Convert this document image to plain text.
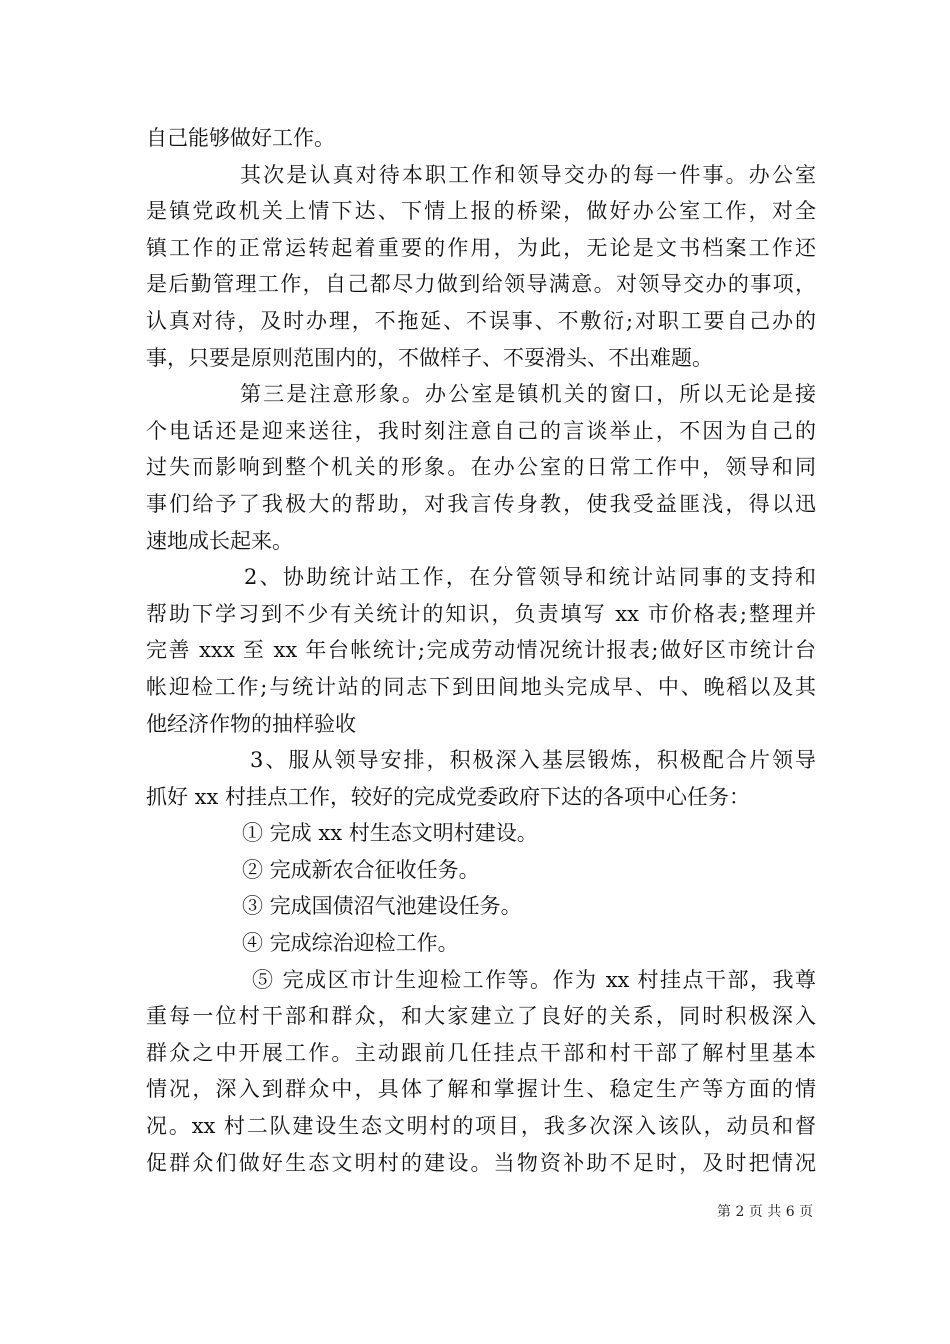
自己能够做好工作。
其次是认真对待本职工作和领导交办的每一件事。办公室
是镇党政机关上情下达、下情上报的桥梁，做好办公室工作，对全
镇工作的正常运转起着重要的作用，为此，无论是文书档案工作还
是后勤管理工作，自己都尽力做到给领导满意。对领导交办的事项，
认真对待，及时办理，不拖延、不误事、不敷衍;对职工要自己办的
事，只要是原则范围内的，不做样子、不耍滑头、不出难题。
第三是注意形象。办公室是镇机关的窗口，所以无论是接
个电话还是迎来送往，我时刻注意自己的言谈举止，不因为自己的
过失而影响到整个机关的形象。在办公室的日常工作中，领导和同
事们给予了我极大的帮助，对我言传身教，使我受益匪浅，得以迅
速地成长起来。
2、协助统计站工作，在分管领导和统计站同事的支持和
帮助下学习到不少有关统计的知识，负责填写 xx 市价格表;整理并
完善 xxx 至 xx 年台帐统计;完成劳动情况统计报表;做好区市统计台
帐迎检工作;与统计站的同志下到田间地头完成早、中、晚稻以及其
他经济作物的抽样验收
3、服从领导安排，积极深入基层锻炼，积极配合片领导
抓好 xx 村挂点工作，较好的完成党委政府下达的各项中心任务：
① 完成 xx 村生态文明村建设。
② 完成新农合征收任务。
③ 完成国债沼气池建设任务。
④ 完成综治迎检工作。
⑤ 完成区市计生迎检工作等。作为 xx 村挂点干部，我尊
重每一位村干部和群众，和大家建立了良好的关系，同时积极深入
群众之中开展工作。主动跟前几任挂点干部和村干部了解村里基本
情况，深入到群众中，具体了解和掌握计生、稳定生产等方面的情
况。xx 村二队建设生态文明村的项目，我多次深入该队，动员和督
促群众们做好生态文明村的建设。当物资补助不足时，及时把情况
第 2 页 共 6 页
